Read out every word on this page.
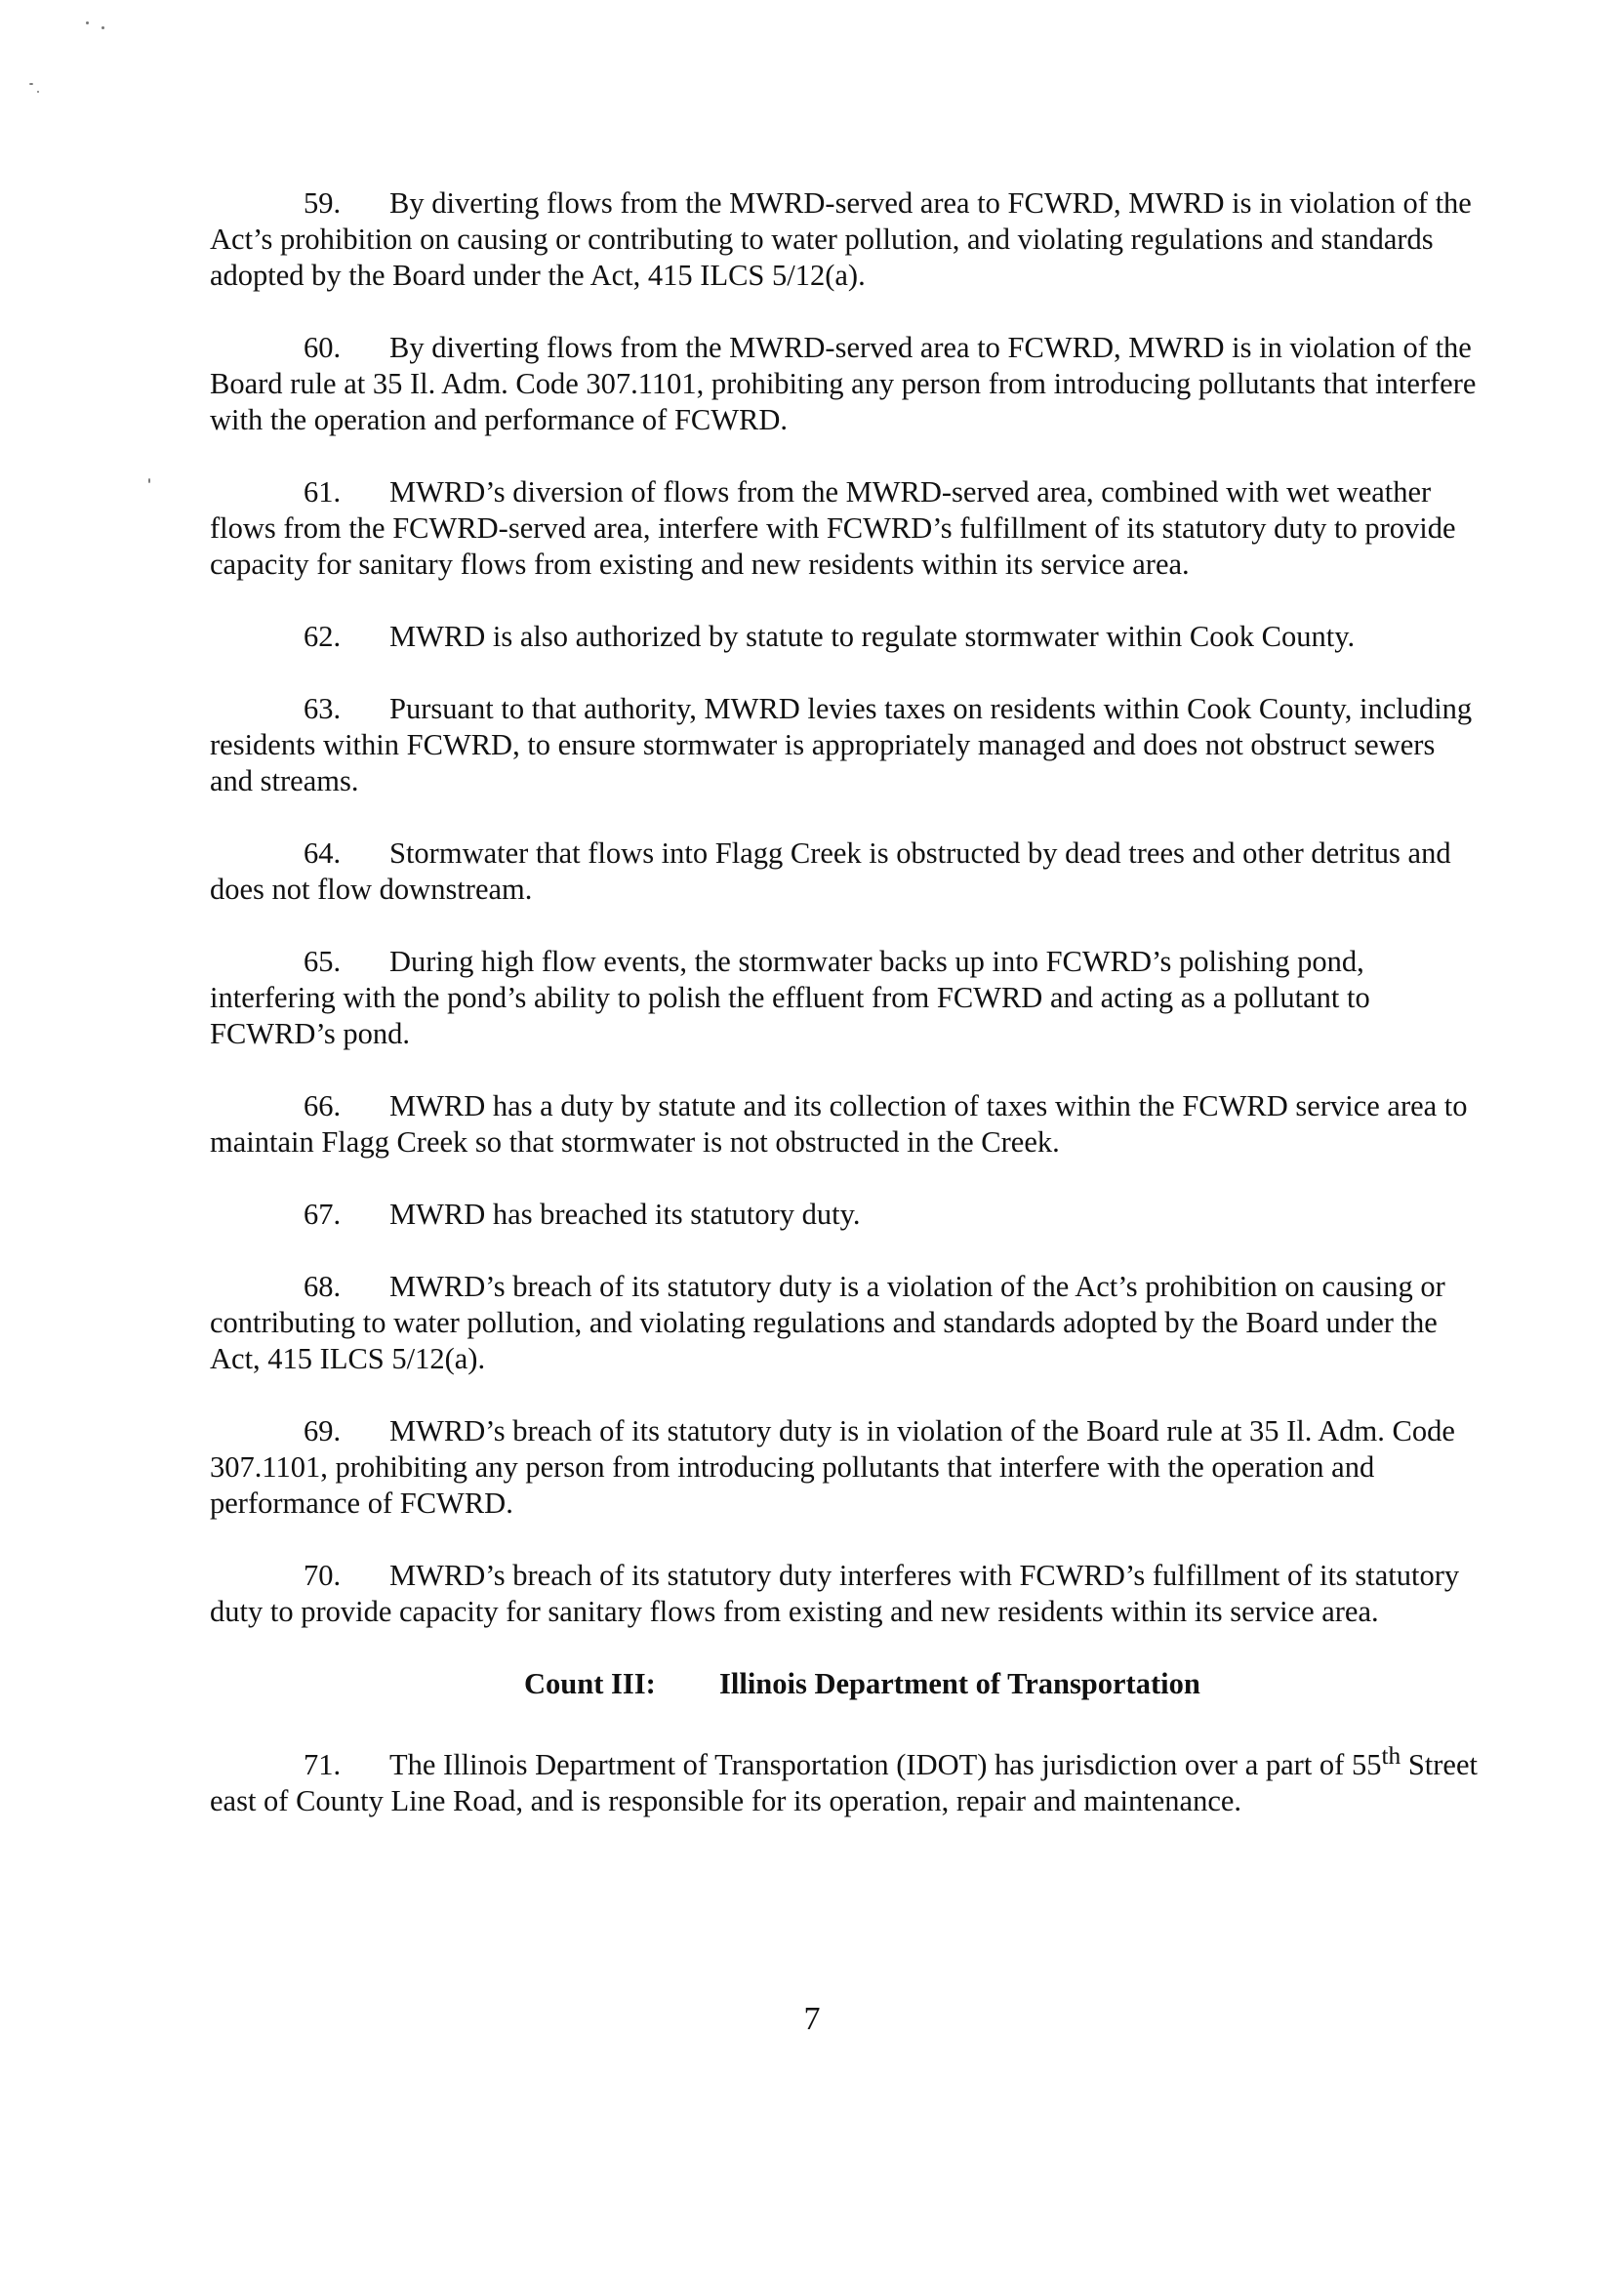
59. By diverting flows from the MWRD-served area to FCWRD, MWRD is in violation of the Act’s prohibition on causing or contributing to water pollution, and violating regulations and standards adopted by the Board under the Act, 415 ILCS 5/12(a).

60. By diverting flows from the MWRD-served area to FCWRD, MWRD is in violation of the Board rule at 35 Il. Adm. Code 307.1101, prohibiting any person from introducing pollutants that interfere with the operation and performance of FCWRD.

61. MWRD’s diversion of flows from the MWRD-served area, combined with wet weather flows from the FCWRD-served area, interfere with FCWRD’s fulfillment of its statutory duty to provide capacity for sanitary flows from existing and new residents within its service area.

62. MWRD is also authorized by statute to regulate stormwater within Cook County.

63. Pursuant to that authority, MWRD levies taxes on residents within Cook County, including residents within FCWRD, to ensure stormwater is appropriately managed and does not obstruct sewers and streams.

64. Stormwater that flows into Flagg Creek is obstructed by dead trees and other detritus and does not flow downstream.

65. During high flow events, the stormwater backs up into FCWRD’s polishing pond, interfering with the pond’s ability to polish the effluent from FCWRD and acting as a pollutant to FCWRD’s pond.

66. MWRD has a duty by statute and its collection of taxes within the FCWRD service area to maintain Flagg Creek so that stormwater is not obstructed in the Creek.

67. MWRD has breached its statutory duty.

68. MWRD’s breach of its statutory duty is a violation of the Act’s prohibition on causing or contributing to water pollution, and violating regulations and standards adopted by the Board under the Act, 415 ILCS 5/12(a).

69. MWRD’s breach of its statutory duty is in violation of the Board rule at 35 Il. Adm. Code 307.1101, prohibiting any person from introducing pollutants that interfere with the operation and performance of FCWRD.

70. MWRD’s breach of its statutory duty interferes with FCWRD’s fulfillment of its statutory duty to provide capacity for sanitary flows from existing and new residents within its service area.

Count III: Illinois Department of Transportation

71. The Illinois Department of Transportation (IDOT) has jurisdiction over a part of 55th Street east of County Line Road, and is responsible for its operation, repair and maintenance.

7
